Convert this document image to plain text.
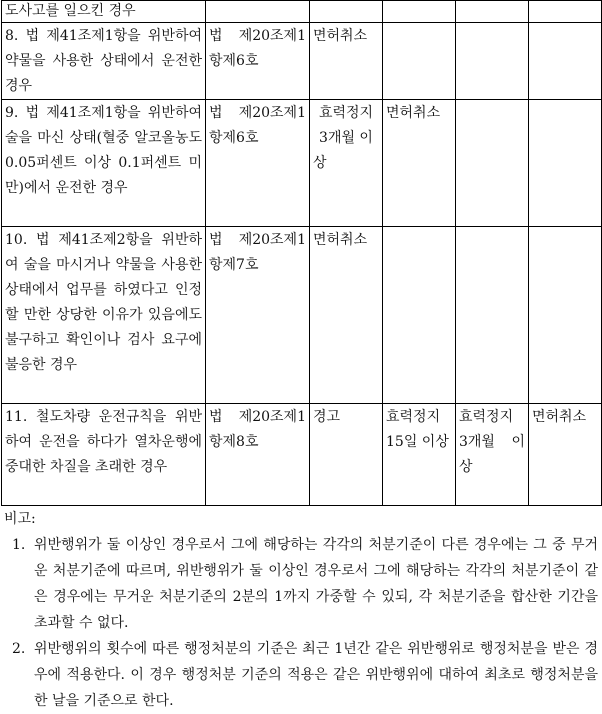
도사고를 일으킨 경우					
8. 법 제41조제1항을 위반하여 약물을 사용한 상태에서 운전한 경우	법 제20조제1항제6호	면허취소			
9. 법 제41조제1항을 위반하여 술을 마신 상태(혈중 알코올농도 0.05퍼센트 이상 0.1퍼센트 미만)에서 운전한 경우	법 제20조제1항제6호	효력정지 3개월 이상	면허취소		
10. 법 제41조제2항을 위반하여 술을 마시거나 약물을 사용한 상태에서 업무를 하였다고 인정할 만한 상당한 이유가 있음에도 불구하고 확인이나 검사 요구에 불응한 경우	법 제20조제1항제7호	면허취소			
11. 철도차량 운전규칙을 위반하여 운전을 하다가 열차운행에 중대한 차질을 초래한 경우	법 제20조제1항제8호	경고	효력정지 15일 이상	효력정지 3개월 이상	면허취소
비고:
1. 위반행위가 둘 이상인 경우로서 그에 해당하는 각각의 처분기준이 다른 경우에는 그 중 무거운 처분기준에 따르며, 위반행위가 둘 이상인 경우로서 그에 해당하는 각각의 처분기준이 같은 경우에는 무거운 처분기준의 2분의 1까지 가중할 수 있되, 각 처분기준을 합산한 기간을 초과할 수 없다.
2. 위반행위의 횟수에 따른 행정처분의 기준은 최근 1년간 같은 위반행위로 행정처분을 받은 경우에 적용한다. 이 경우 행정처분 기준의 적용은 같은 위반행위에 대하여 최초로 행정처분을 한 날을 기준으로 한다.
